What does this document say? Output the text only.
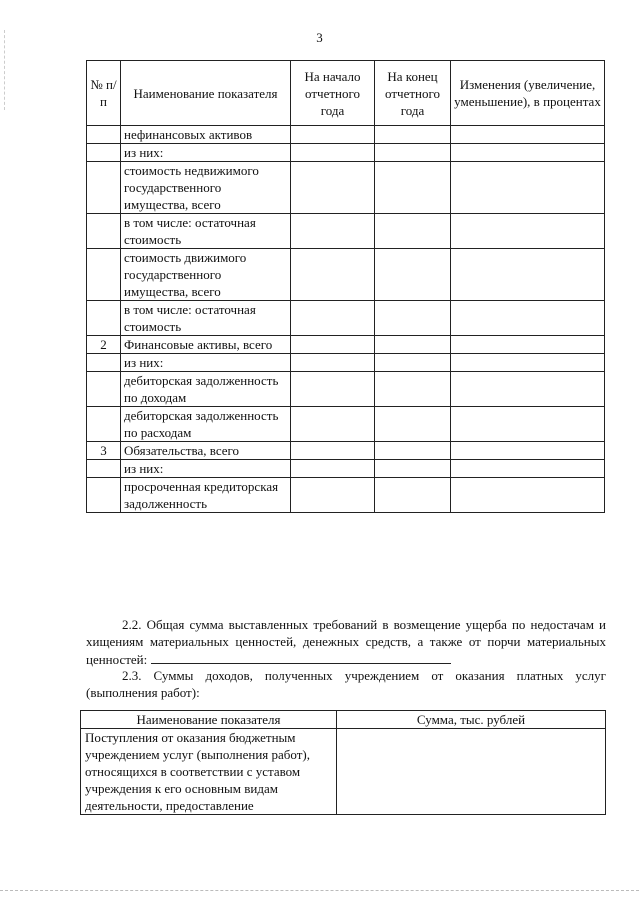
3
№ п/п	Наименование показателя	На начало отчетного года	На конец отчетного года	Изменения (увеличение, уменьшение), в процентах
	нефинансовых активов			
	из них:			
	стоимость недвижимого государственного имущества, всего			
	в том числе: остаточная стоимость			
	стоимость движимого государственного имущества, всего			
	в том числе: остаточная стоимость			
2	Финансовые активы, всего			
	из них:			
	дебиторская задолженность по доходам			
	дебиторская задолженность по расходам			
3	Обязательства, всего			
	из них:			
	просроченная кредиторская задолженность			
2.2. Общая сумма выставленных требований в возмещение ущерба по недостачам и хищениям материальных ценностей, денежных средств, а также от порчи материальных ценностей:
2.3. Суммы доходов, полученных учреждением от оказания платных услуг (выполнения работ):
Наименование показателя	Сумма, тыс. рублей
Поступления от оказания бюджетным учреждением услуг (выполнения работ), относящихся в соответствии с уставом учреждения к его основным видам деятельности, предоставление	
